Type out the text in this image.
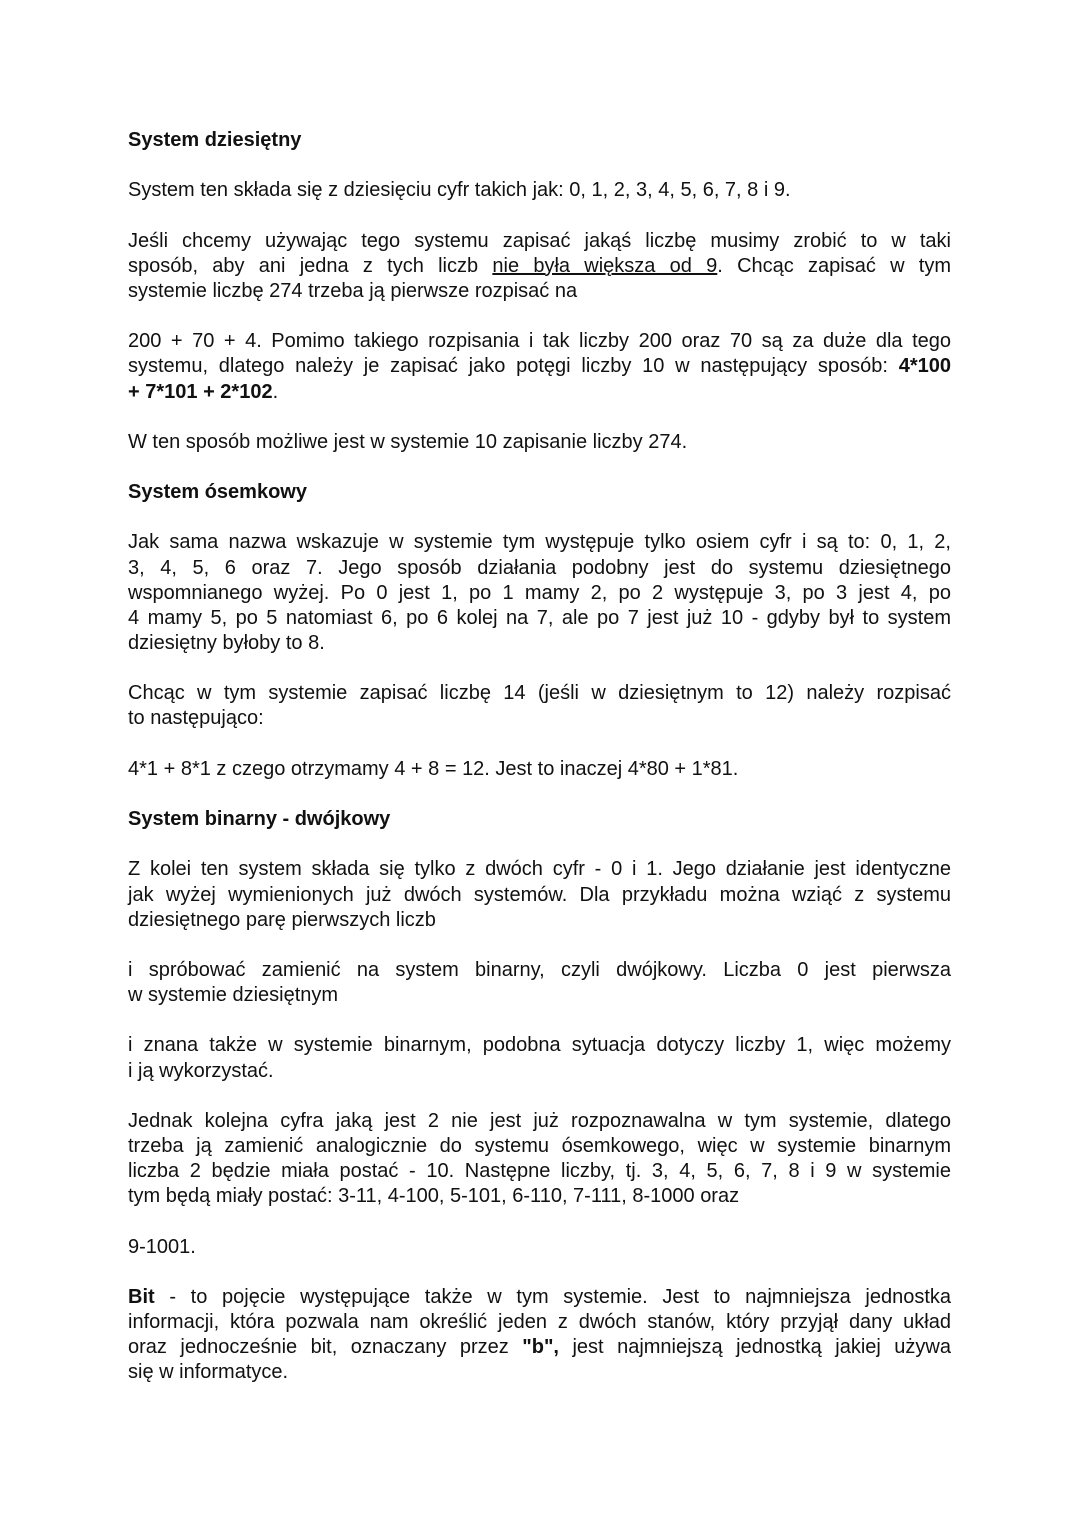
System dziesiętny
System ten składa się z dziesięciu cyfr takich jak: 0, 1, 2, 3, 4, 5, 6, 7, 8 i 9.
Jeśli chcemy używając tego systemu zapisać jakąś liczbę musimy zrobić to w taki
sposób, aby ani jedna z tych liczb nie była większa od 9. Chcąc zapisać w tym
systemie liczbę 274 trzeba ją pierwsze rozpisać na
200 + 70 + 4. Pomimo takiego rozpisania i tak liczby 200 oraz 70 są za duże dla tego
systemu, dlatego należy je zapisać jako potęgi liczby 10 w następujący sposób: 4*100
+ 7*101 + 2*102.
W ten sposób możliwe jest w systemie 10 zapisanie liczby 274.
System ósemkowy
Jak sama nazwa wskazuje w systemie tym występuje tylko osiem cyfr i są to: 0, 1, 2,
3, 4, 5, 6 oraz 7. Jego sposób działania podobny jest do systemu dziesiętnego
wspomnianego wyżej. Po 0 jest 1, po 1 mamy 2, po 2 występuje 3, po 3 jest 4, po
4 mamy 5, po 5 natomiast 6, po 6 kolej na 7, ale po 7 jest już 10 - gdyby był to system
dziesiętny byłoby to 8.
Chcąc w tym systemie zapisać liczbę 14 (jeśli w dziesiętnym to 12) należy rozpisać
to następująco:
4*1 + 8*1 z czego otrzymamy 4 + 8 = 12. Jest to inaczej 4*80 + 1*81.
System binarny - dwójkowy
Z kolei ten system składa się tylko z dwóch cyfr - 0 i 1. Jego działanie jest identyczne
jak wyżej wymienionych już dwóch systemów. Dla przykładu można wziąć z systemu
dziesiętnego parę pierwszych liczb
i spróbować zamienić na system binarny, czyli dwójkowy. Liczba 0 jest pierwsza
w systemie dziesiętnym
i znana także w systemie binarnym, podobna sytuacja dotyczy liczby 1, więc możemy
i ją wykorzystać.
Jednak kolejna cyfra jaką jest 2 nie jest już rozpoznawalna w tym systemie, dlatego
trzeba ją zamienić analogicznie do systemu ósemkowego, więc w systemie binarnym
liczba 2 będzie miała postać - 10. Następne liczby, tj. 3, 4, 5, 6, 7, 8 i 9 w systemie
tym będą miały postać: 3-11, 4-100, 5-101, 6-110, 7-111, 8-1000 oraz
9-1001.
Bit - to pojęcie występujące także w tym systemie. Jest to najmniejsza jednostka
informacji, która pozwala nam określić jeden z dwóch stanów, który przyjął dany układ
oraz jednocześnie bit, oznaczany przez "b", jest najmniejszą jednostką jakiej używa
się w informatyce.
